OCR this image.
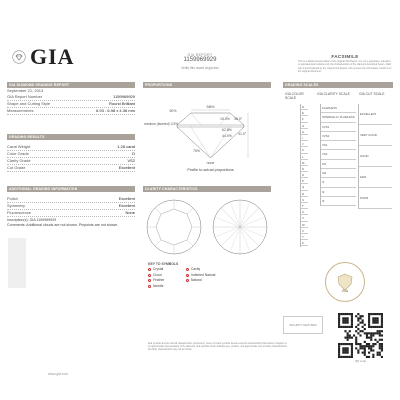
GIA	GIA REPORT
1159969929
Verify this report at gia.edu
FACSIMILE
This is a digital representation of the original GIA Report. It is not a guarantee, valuation or appraisal and contains only the characteristics of the diamond described herein. Valid only if accompanied by the original GIA Report. GIA ensures the information conforms to the original document.
GIA DIAMOND GRADING REPORT
September 21, 2013
GIA Report Number	1159969929
Shape and Cutting Style	Round Brilliant
Measurements	6.93 - 6.98 x 4.36 mm
GRADING RESULTS
Carat Weight	1.28 carat
Color Grade	D
Clarity Grade	VS2
Cut Grade	Excellent
ADDITIONAL GRADING INFORMATION
Polish	Excellent
Symmetry	Excellent
Fluorescence	None
Inscription(s): GIA 1159969929
Comments: Additional clouds are not shown. Pinpoints are not shown.
www.gia.edu
PROPORTIONS
58%
50%
15.0% 35.0°
62.8%
44.0% 41.0°
medium (faceted) 3.5%
75%
none
Profile to actual proportions
CLARITY CHARACTERISTICS
KEY TO SYMBOLS
Crystal	Cavity
Cloud	Indented Natural
Feather	Natural
Needle
Red symbols denote internal characteristics (inclusions). Green or black symbols denote external characteristics (blemishes). Diagram is an approximate representation of the diamond, and symbols shown indicate type, position, and approximate size of clarity characteristics. All clarity characteristics may not be shown.
GRADING SCALES
GIA COLOR SCALE
GIA CLARITY SCALE	GIA CUT SCALE
D
E
F
G
H
I
J
K
L
M
N
O
P
Q
R
S
T
U
V
W
X
Y
Z
FLAWLESS
INTERNALLY FLAWLESS
VVS1
VVS2
VS1
VS2
SI1
SI2
I1
I2
I3
EXCELLENT
VERY GOOD
GOOD
FAIR
POOR
GIA
SECURITY FEATURES
QR code
